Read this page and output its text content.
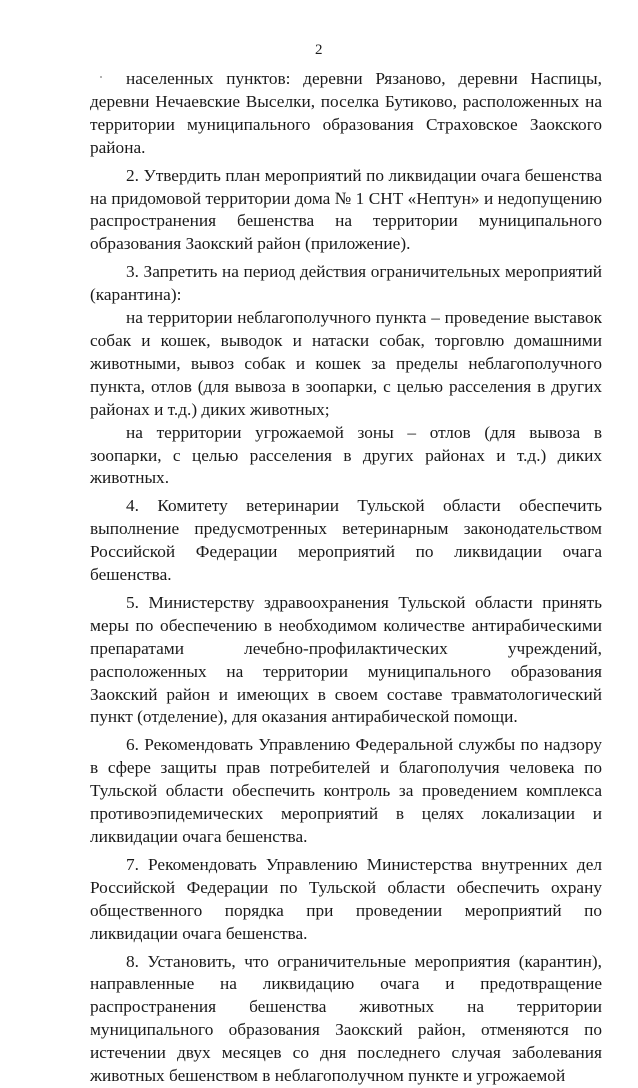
2

населенных пунктов: деревни Рязаново, деревни Наспицы, деревни Нечаевские Выселки, поселка Бутиково, расположенных на территории муниципального образования Страховское Заокского района.

2. Утвердить план мероприятий по ликвидации очага бешенства на придомовой территории дома № 1 СНТ «Нептун» и недопущению распространения бешенства на территории муниципального образования Заокский район (приложение).

3. Запретить на период действия ограничительных мероприятий (карантина):

на территории неблагополучного пункта – проведение выставок собак и кошек, выводок и натаски собак, торговлю домашними животными, вывоз собак и кошек за пределы неблагополучного пункта, отлов (для вывоза в зоопарки, с целью расселения в других районах и т.д.) диких животных;

на территории угрожаемой зоны – отлов (для вывоза в зоопарки, с целью расселения в других районах и т.д.) диких животных.

4. Комитету ветеринарии Тульской области обеспечить выполнение предусмотренных ветеринарным законодательством Российской Федерации мероприятий по ликвидации очага бешенства.

5. Министерству здравоохранения Тульской области принять меры по обеспечению в необходимом количестве антирабическими препаратами лечебно-профилактических учреждений, расположенных на территории муниципального образования Заокский район и имеющих в своем составе травматологический пункт (отделение), для оказания антирабической помощи.

6. Рекомендовать Управлению Федеральной службы по надзору в сфере защиты прав потребителей и благополучия человека по Тульской области обеспечить контроль за проведением комплекса противоэпидемических мероприятий в целях локализации и ликвидации очага бешенства.

7. Рекомендовать Управлению Министерства внутренних дел Российской Федерации по Тульской области обеспечить охрану общественного порядка при проведении мероприятий по ликвидации очага бешенства.

8. Установить, что ограничительные мероприятия (карантин), направленные на ликвидацию очага и предотвращение распространения бешенства животных на территории муниципального образования Заокский район, отменяются по истечении двух месяцев со дня последнего случая заболевания животных бешенством в неблагополучном пункте и угрожаемой
